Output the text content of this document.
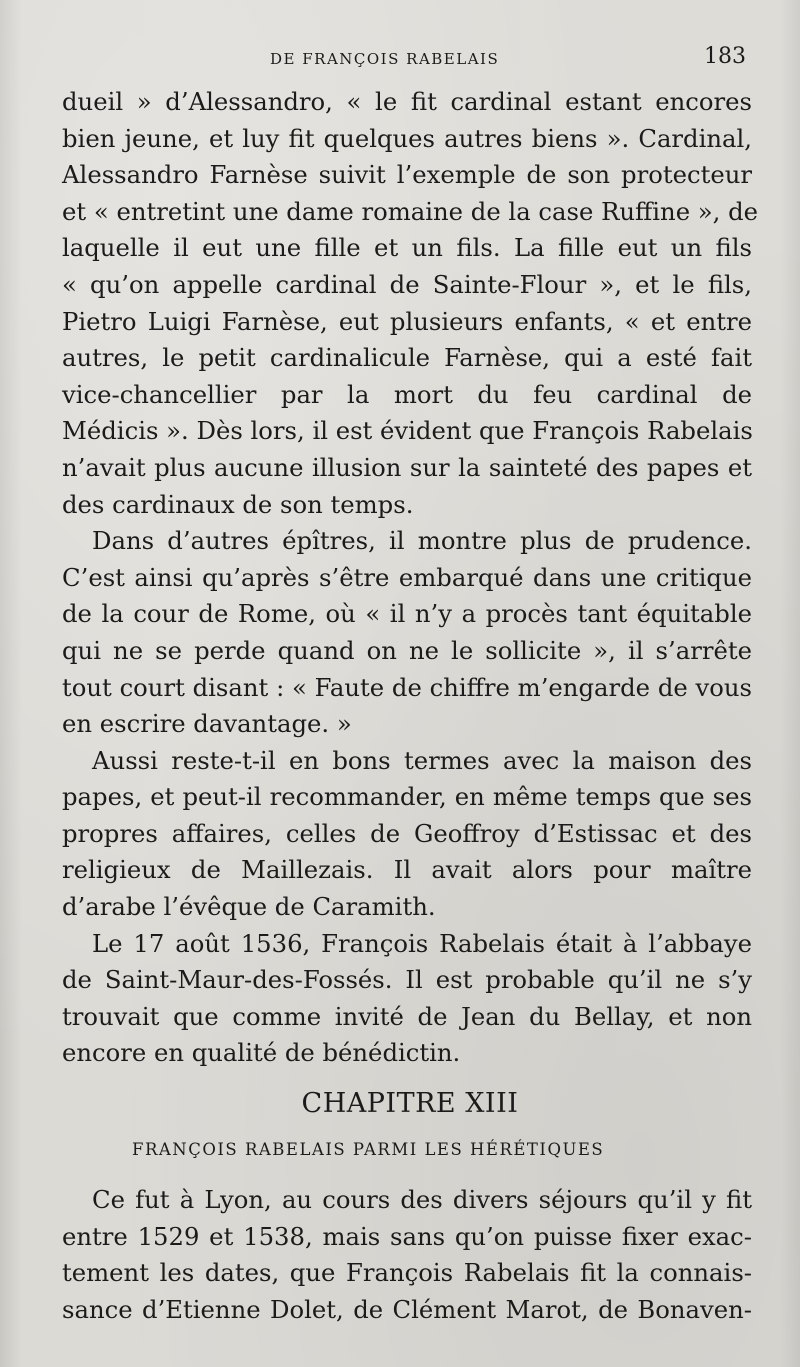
DE FRANÇOIS RABELAIS	183
dueil » d’Alessandro, « le fit cardinal estant encores
bien jeune, et luy fit quelques autres biens ». Cardinal,
Alessandro Farnèse suivit l’exemple de son protecteur
et « entretint une dame romaine de la case Ruffine », de
laquelle il eut une fille et un fils. La fille eut un fils
« qu’on appelle cardinal de Sainte-Flour », et le fils,
Pietro Luigi Farnèse, eut plusieurs enfants, « et entre
autres, le petit cardinalicule Farnèse, qui a esté fait
vice-chancellier par la mort du feu cardinal de
Médicis ». Dès lors, il est évident que François Rabelais
n’avait plus aucune illusion sur la sainteté des papes et
des cardinaux de son temps.
Dans d’autres épîtres, il montre plus de prudence.
C’est ainsi qu’après s’être embarqué dans une critique
de la cour de Rome, où « il n’y a procès tant équitable
qui ne se perde quand on ne le sollicite », il s’arrête
tout court disant : « Faute de chiffre m’engarde de vous
en escrire davantage. »
Aussi reste-t-il en bons termes avec la maison des
papes, et peut-il recommander, en même temps que ses
propres affaires, celles de Geoffroy d’Estissac et des
religieux de Maillezais. Il avait alors pour maître
d’arabe l’évêque de Caramith.
Le 17 août 1536, François Rabelais était à l’abbaye
de Saint-Maur-des-Fossés. Il est probable qu’il ne s’y
trouvait que comme invité de Jean du Bellay, et non
encore en qualité de bénédictin.
CHAPITRE XIII
FRANÇOIS RABELAIS PARMI LES HÉRÉTIQUES
Ce fut à Lyon, au cours des divers séjours qu’il y fit
entre 1529 et 1538, mais sans qu’on puisse fixer exac-
tement les dates, que François Rabelais fit la connais-
sance d’Etienne Dolet, de Clément Marot, de Bonaven-
